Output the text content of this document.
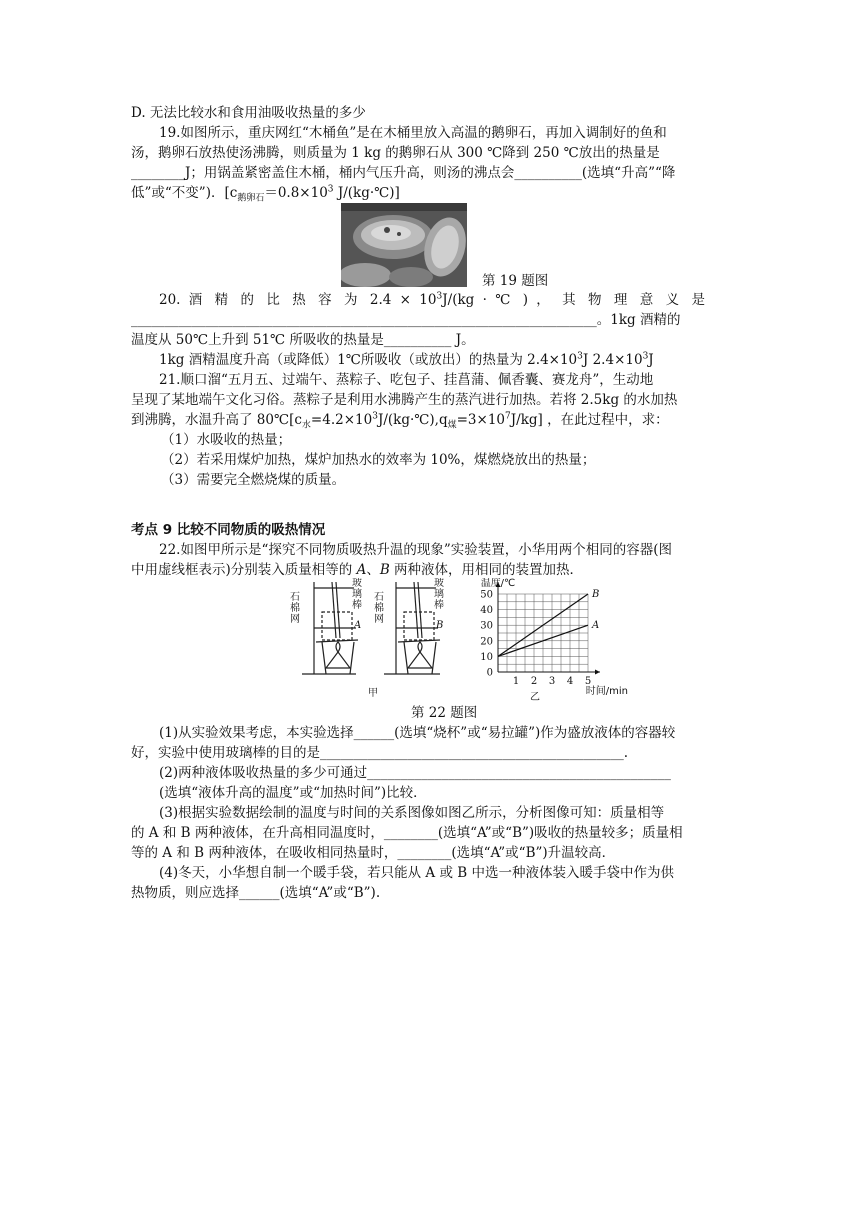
D. 无法比较水和食用油吸收热量的多少
19.如图所示，重庆网红“木桶鱼”是在木桶里放入高温的鹅卵石，再加入调制好的鱼和
汤，鹅卵石放热使汤沸腾，则质量为 1 kg 的鹅卵石从 300 ℃降到 250 ℃放出的热量是
________J；用锅盖紧密盖住木桶，桶内气压升高，则汤的沸点会__________(选填“升高”“降
低”或“不变”)．[$c_{鹅卵石}=0.8\times 10^3$ J/(kg·℃)]
第 19 题图
20. 酒 精 的 比 热 容 为 $2.4 \times 10^3J/(kg$ · ℃ ) ， 其 物 理 意 义 是
_____________________________________________________________________。1kg 酒精的
温度从 50℃上升到 51℃ 所吸收的热量是__________ J。
1kg 酒精温度升高（或降低）1℃所吸收（或放出）的热量为 $2.4\times 10^3J$ $2.4\times 10^3J$
21.顺口溜“五月五、过端午、蒸粽子、吃包子、挂菖蒲、佩香囊、赛龙舟”，生动地
呈现了某地端午文化习俗。蒸粽子是利用水沸腾产生的蒸汽进行加热。若将 2.5kg 的水加热
到沸腾，水温升高了 $80℃[c_水=4.2\times 10^3J/(kg\cdot℃),q_煤=3\times 10^7J/kg]$ ，在此过程中，求：
（1）水吸收的热量；
（2）若采用煤炉加热，煤炉加热水的效率为 10%，煤燃烧放出的热量；
（3）需要完全燃烧煤的质量。
考点 9 比较不同物质的吸热情况
22.如图甲所示是“探究不同物质吸热升温的现象”实验装置，小华用两个相同的容器(图
中用虚线框表示)分别装入质量相等的 A、B 两种液体，用相同的装置加热．
石棉网
玻璃棒
A
石棉网
玻璃棒
B
甲
0
10
20
30
40
50
1 2 3 4 5
温度/℃
时间/min
乙
B
A
第 22 题图
(1)从实验效果考虑，本实验选择______(选填“烧杯”或“易拉罐”)作为盛放液体的容器较
好，实验中使用玻璃棒的目的是_____________________________________________.
(2)两种液体吸收热量的多少可通过_____________________________________________
(选填“液体升高的温度”或“加热时间”)比较．
(3)根据实验数据绘制的温度与时间的关系图像如图乙所示，分析图像可知：质量相等
的 A 和 B 两种液体，在升高相同温度时，________(选填“A”或“B”)吸收的热量较多；质量相
等的 A 和 B 两种液体，在吸收相同热量时，________(选填“A”或“B”)升温较高．
(4)冬天，小华想自制一个暖手袋，若只能从 A 或 B 中选一种液体装入暖手袋中作为供
热物质，则应选择______(选填“A”或“B”).
